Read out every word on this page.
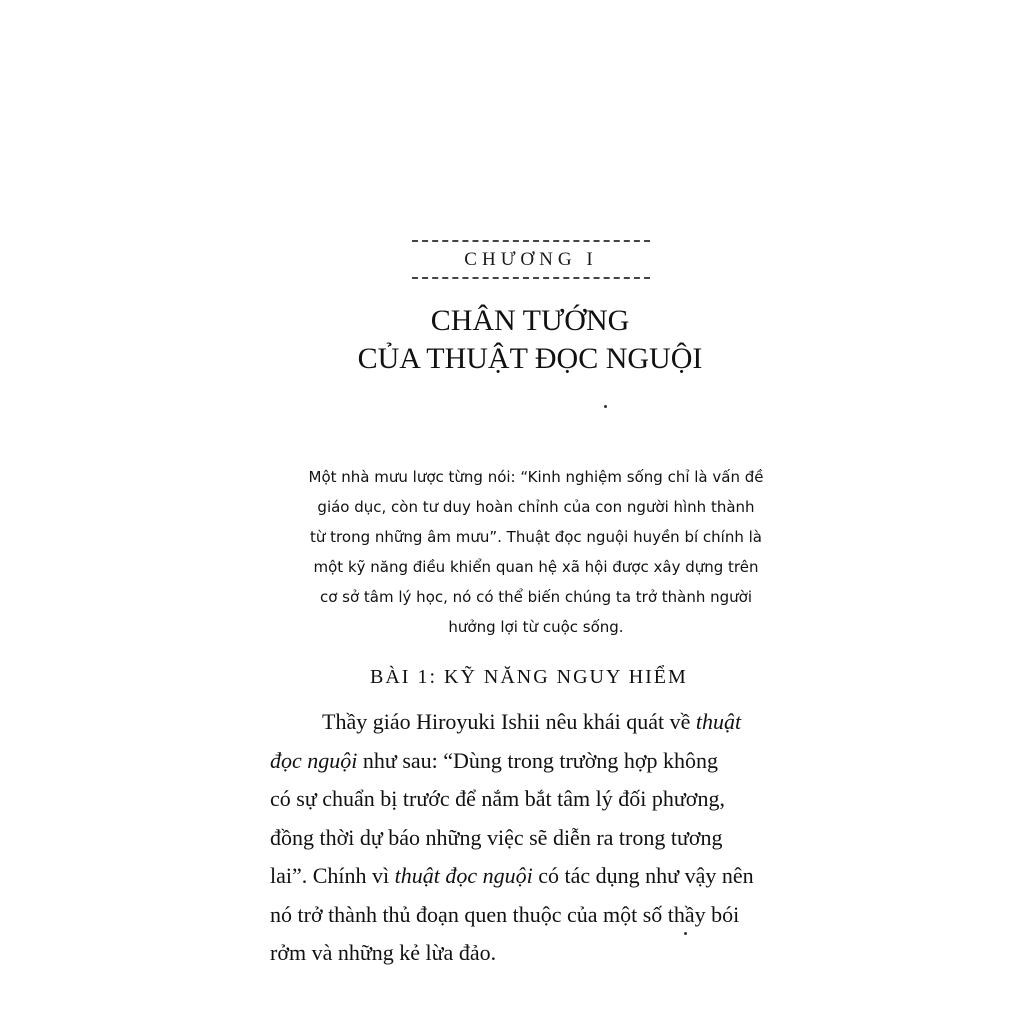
CHƯƠNG I
CHÂN TƯỚNG
CỦA THUẬT ĐỌC NGUỘI
Một nhà mưu lược từng nói: “Kinh nghiệm sống chỉ là vấn đề
giáo dục, còn tư duy hoàn chỉnh của con người hình thành
từ trong những âm mưu”. Thuật đọc nguội huyền bí chính là
một kỹ năng điều khiển quan hệ xã hội được xây dựng trên
cơ sở tâm lý học, nó có thể biến chúng ta trở thành người
hưởng lợi từ cuộc sống.
BÀI 1: KỸ NĂNG NGUY HIỂM
Thầy giáo Hiroyuki Ishii nêu khái quát về thuật
đọc nguội như sau: “Dùng trong trường hợp không
có sự chuẩn bị trước để nắm bắt tâm lý đối phương,
đồng thời dự báo những việc sẽ diễn ra trong tương
lai”. Chính vì thuật đọc nguội có tác dụng như vậy nên
nó trở thành thủ đoạn quen thuộc của một số thầy bói
rởm và những kẻ lừa đảo.
